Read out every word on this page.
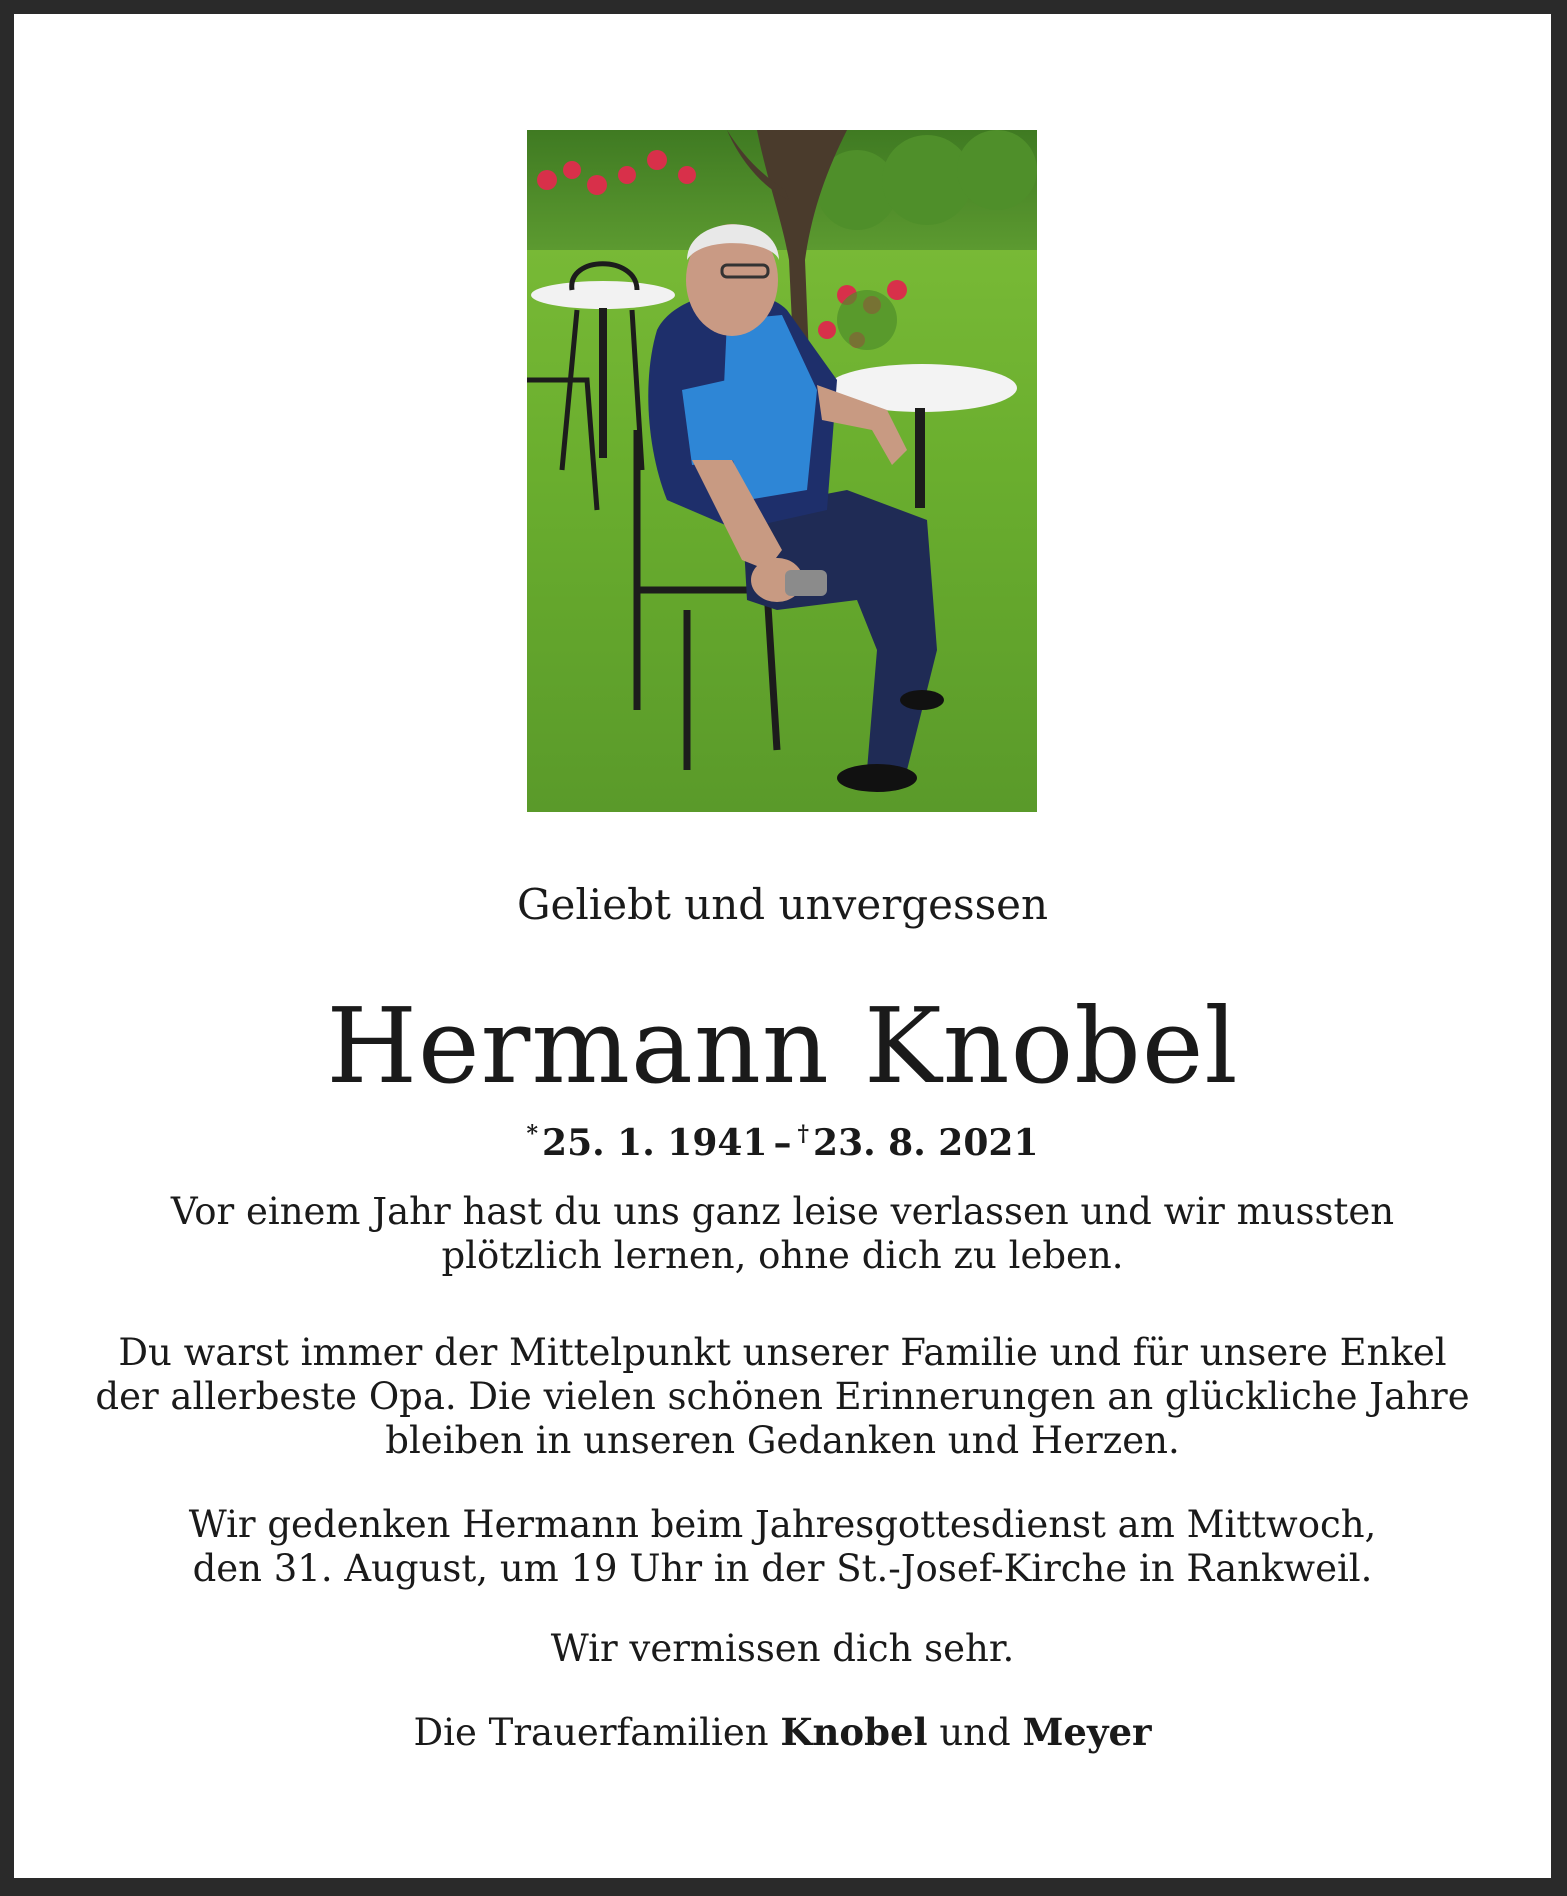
Geliebt und unvergessen
Hermann Knobel
* 25. 1. 1941 – † 23. 8. 2021
Vor einem Jahr hast du uns ganz leise verlassen und wir mussten
plötzlich lernen, ohne dich zu leben.
Du warst immer der Mittelpunkt unserer Familie und für unsere Enkel
der allerbeste Opa. Die vielen schönen Erinnerungen an glückliche Jahre
bleiben in unseren Gedanken und Herzen.
Wir gedenken Hermann beim Jahresgottesdienst am Mittwoch,
den 31. August, um 19 Uhr in der St.-Josef-Kirche in Rankweil.
Wir vermissen dich sehr.
Die Trauerfamilien Knobel und Meyer
